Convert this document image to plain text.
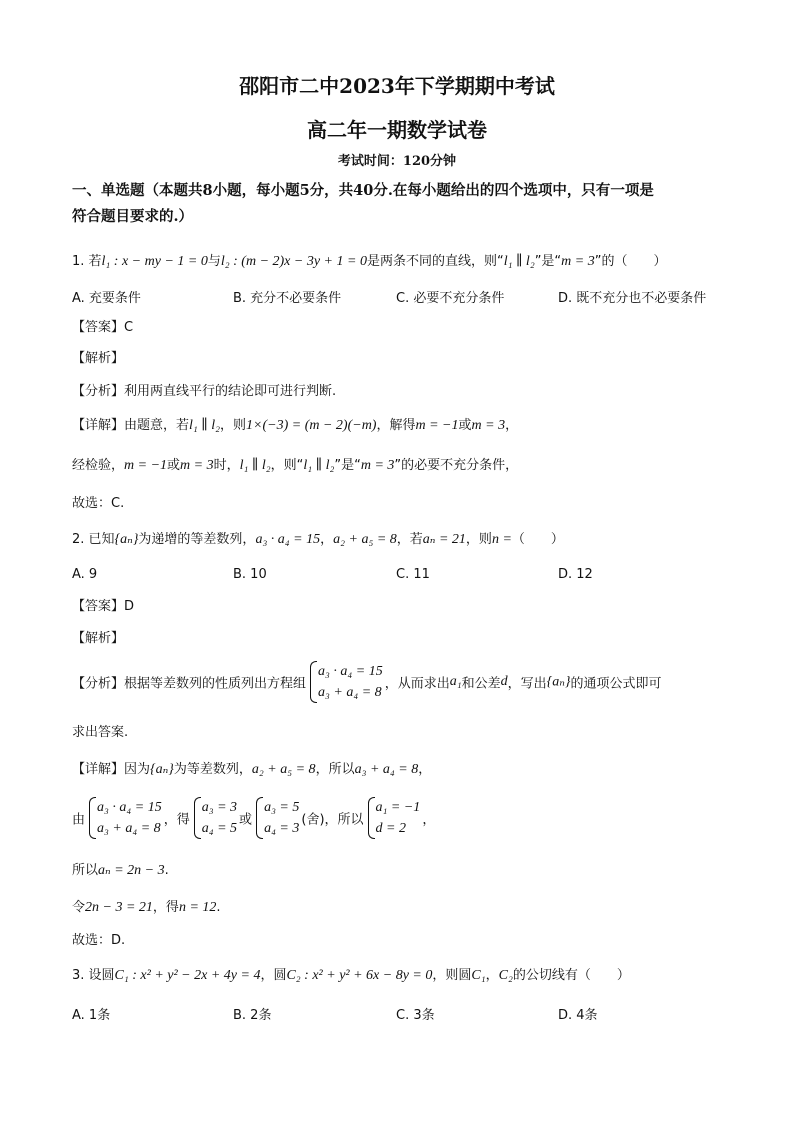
邵阳市二中2023年下学期期中考试
高二年一期数学试卷
考试时间：120分钟
一、单选题（本题共8小题，每小题5分，共40分.在每小题给出的四个选项中，只有一项是
符合题目要求的.）
1. 若l₁ : x − my − 1 = 0与l₂ : (m − 2)x − 3y + 1 = 0是两条不同的直线，则“l₁ ∥ l₂”是“m = 3”的（　　）
A. 充要条件	B. 充分不必要条件	C. 必要不充分条件	D. 既不充分也不必要条件
【答案】C
【解析】
【分析】利用两直线平行的结论即可进行判断.
【详解】由题意，若l₁ ∥ l₂，则1×(−3) = (m − 2)(−m)，解得m = −1或m = 3，
经检验，m = −1或m = 3时，l₁ ∥ l₂，则“l₁ ∥ l₂”是“m = 3”的必要不充分条件，
故选：C.
2. 已知{aₙ}为递增的等差数列，a₃ · a₄ = 15，a₂ + a₅ = 8，若aₙ = 21，则n =（　　）
A. 9	B. 10	C. 11	D. 12
【答案】D
【解析】
【分析】根据等差数列的性质列出方程组
a₃ · a₄ = 15
a₃ + a₄ = 8
，从而求出a₁和公差d，写出{aₙ}的通项公式即可
求出答案.
【详解】因为{aₙ}为等差数列，a₂ + a₅ = 8，所以a₃ + a₄ = 8，
由
a₃ · a₄ = 15
a₃ + a₄ = 8
，得
a₃ = 3
a₄ = 5
或
a₃ = 5
a₄ = 3
(舍)，所以
a₁ = −1
d = 2
，
所以aₙ = 2n − 3.
令2n − 3 = 21，得n = 12.
故选：D.
3. 设圆C₁ : x² + y² − 2x + 4y = 4，圆C₂ : x² + y² + 6x − 8y = 0，则圆C₁，C₂的公切线有（　　）
A. 1条	B. 2条	C. 3条	D. 4条
